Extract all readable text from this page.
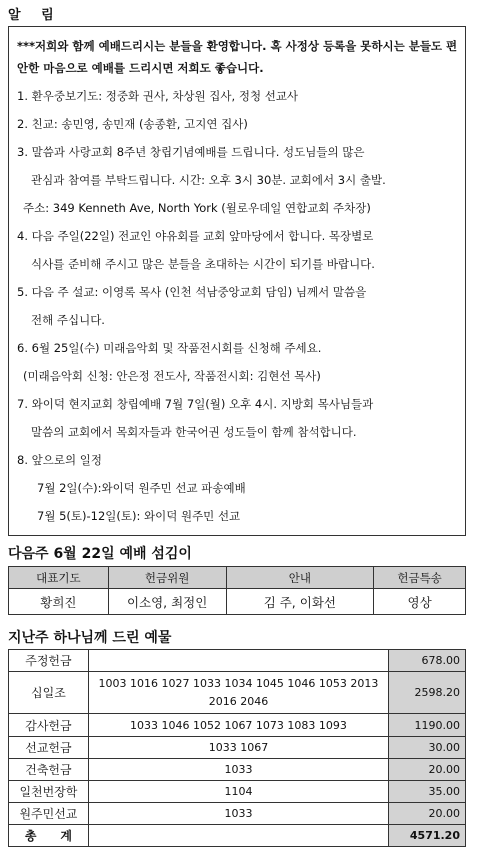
알 림

***저희와 함께 예배드리시는 분들을 환영합니다. 혹 사정상 등록을 못하시는 분들도 편안한 마음으로 예배를 드리시면 저희도 좋습니다.

1. 환우중보기도: 정중화 권사, 차상원 집사, 정청 선교사

2. 친교: 송민영, 송민재 (송종환, 고지연 집사)

3. 말씀과 사랑교회 8주년 창립기념예배를 드립니다. 성도님들의 많은

관심과 참여를 부탁드립니다. 시간: 오후 3시 30분. 교회에서 3시 출발.

주소: 349 Kenneth Ave, North York (윌로우데일 연합교회 주차장)

4. 다음 주일(22일) 전교인 야유회를 교회 앞마당에서 합니다. 목장별로

식사를 준비해 주시고 많은 분들을 초대하는 시간이 되기를 바랍니다.

5. 다음 주 설교: 이영록 목사 (인천 석남중앙교회 담임) 님께서 말씀을

전해 주십니다.

6. 6월 25일(수) 미래음악회 및 작품전시회를 신청해 주세요.

(미래음악회 신청: 안은정 전도사, 작품전시회: 김현선 목사)

7. 와이덕 현지교회 창립예배 7월 7일(월) 오후 4시. 지방회 목사님들과

말씀의 교회에서 목회자들과 한국어권 성도들이 함께 참석합니다.

8. 앞으로의 일정

7월 2일(수):와이덕 원주민 선교 파송예배

7월 5(토)-12일(토): 와이덕 원주민 선교

다음주 6월 22일 예배 섬김이
대표기도	헌금위원	안내	헌금특송
황희진	이소영, 최정인	김 주, 이화선	영상
지난주 하나님께 드린 예물
주정헌금		678.00
십일조	1003 1016 1027 1033 1034 1045 1046 1053 2013
2016 2046	2598.20
감사헌금	1033 1046 1052 1067 1073 1083 1093	1190.00
선교헌금	1033 1067	30.00
건축헌금	1033	20.00
일천번장학	1104	35.00
원주민선교	1033	20.00
총　　계		4571.20
